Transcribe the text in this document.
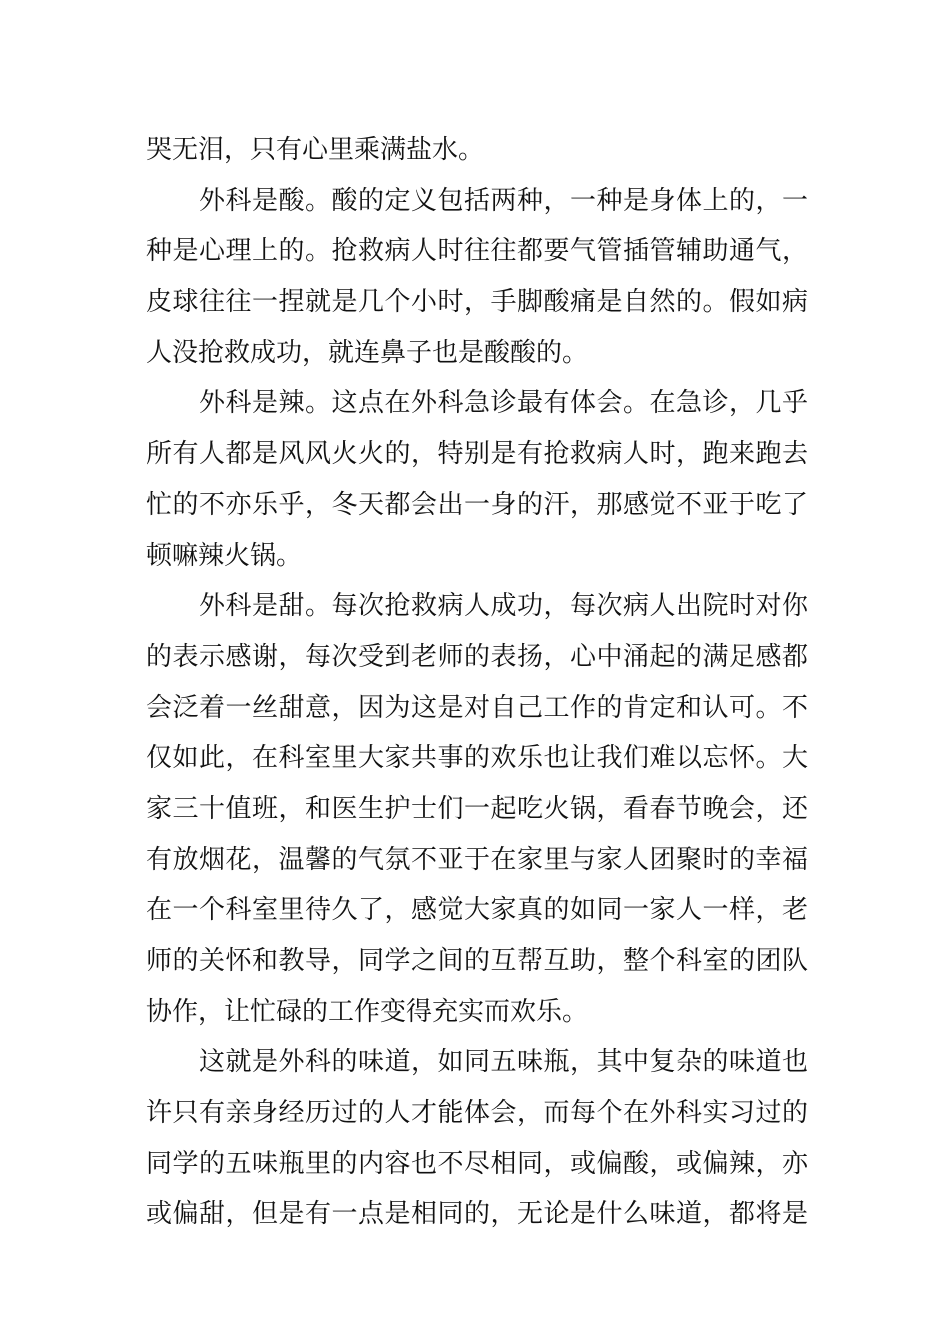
哭无泪，只有心里乘满盐水。
外科是酸。酸的定义包括两种，一种是身体上的，一
种是心理上的。抢救病人时往往都要气管插管辅助通气，
皮球往往一捏就是几个小时，手脚酸痛是自然的。假如病
人没抢救成功，就连鼻子也是酸酸的。
外科是辣。这点在外科急诊最有体会。在急诊，几乎
所有人都是风风火火的，特别是有抢救病人时，跑来跑去
忙的不亦乐乎，冬天都会出一身的汗，那感觉不亚于吃了
顿嘛辣火锅。
外科是甜。每次抢救病人成功，每次病人出院时对你
的表示感谢，每次受到老师的表扬，心中涌起的满足感都
会泛着一丝甜意，因为这是对自己工作的肯定和认可。不
仅如此，在科室里大家共事的欢乐也让我们难以忘怀。大
家三十值班，和医生护士们一起吃火锅，看春节晚会，还
有放烟花，温馨的气氛不亚于在家里与家人团聚时的幸福
在一个科室里待久了，感觉大家真的如同一家人一样，老
师的关怀和教导，同学之间的互帮互助，整个科室的团队
协作，让忙碌的工作变得充实而欢乐。
这就是外科的味道，如同五味瓶，其中复杂的味道也
许只有亲身经历过的人才能体会，而每个在外科实习过的
同学的五味瓶里的内容也不尽相同，或偏酸，或偏辣，亦
或偏甜，但是有一点是相同的，无论是什么味道，都将是
